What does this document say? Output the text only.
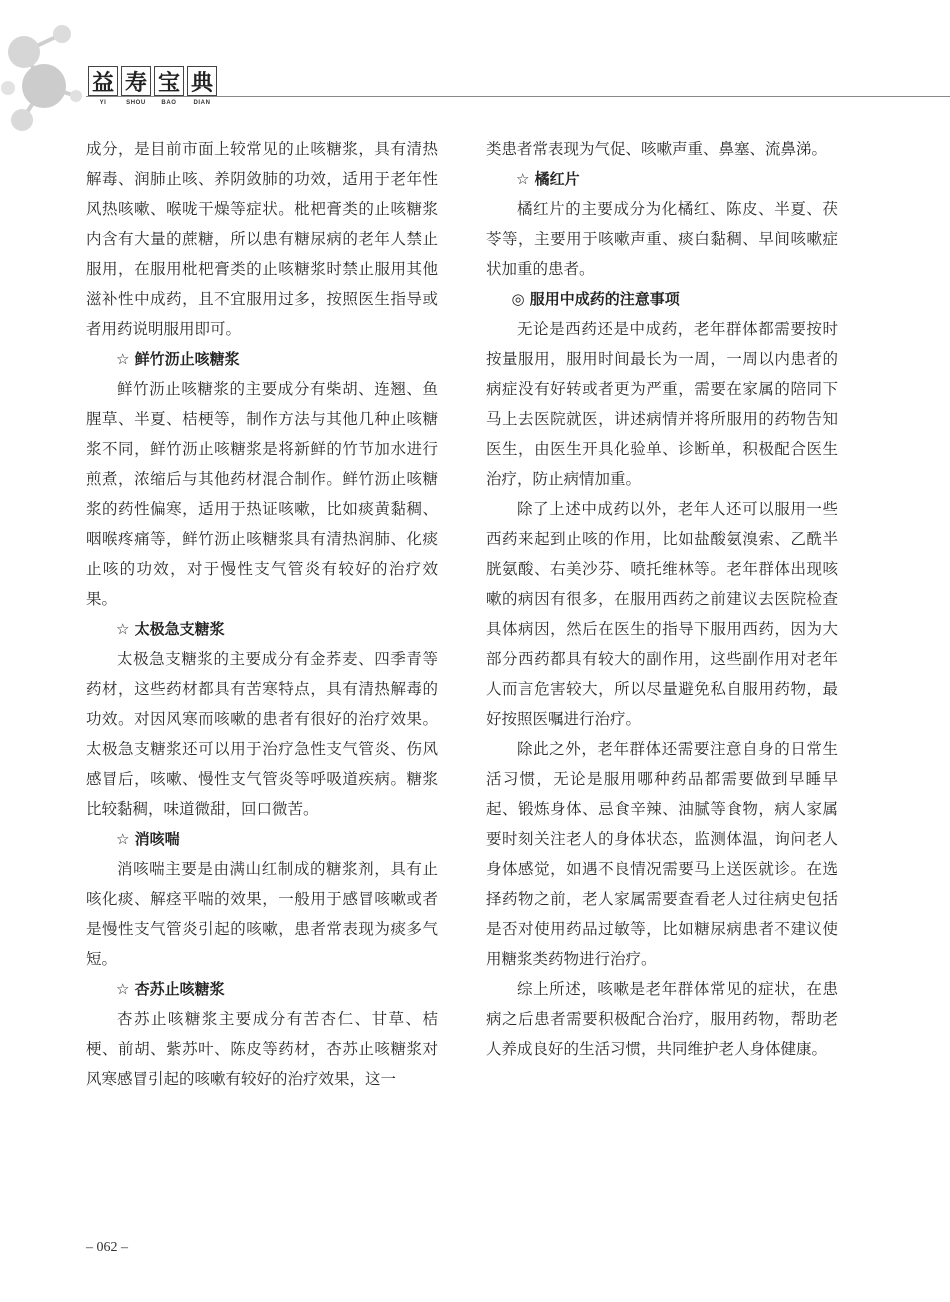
益 寿 宝 典
YI	SHOU	BAO	DIAN

成分，是目前市面上较常见的止咳糖浆，具有清热解毒、润肺止咳、养阴敛肺的功效，适用于老年性风热咳嗽、喉咙干燥等症状。枇杷膏类的止咳糖浆内含有大量的蔗糖，所以患有糖尿病的老年人禁止服用，在服用枇杷膏类的止咳糖浆时禁止服用其他滋补性中成药，且不宜服用过多，按照医生指导或者用药说明服用即可。

☆ 鲜竹沥止咳糖浆

鲜竹沥止咳糖浆的主要成分有柴胡、连翘、鱼腥草、半夏、桔梗等，制作方法与其他几种止咳糖浆不同，鲜竹沥止咳糖浆是将新鲜的竹节加水进行煎煮，浓缩后与其他药材混合制作。鲜竹沥止咳糖浆的药性偏寒，适用于热证咳嗽，比如痰黄黏稠、咽喉疼痛等，鲜竹沥止咳糖浆具有清热润肺、化痰止咳的功效，对于慢性支气管炎有较好的治疗效果。

☆ 太极急支糖浆

太极急支糖浆的主要成分有金荞麦、四季青等药材，这些药材都具有苦寒特点，具有清热解毒的功效。对因风寒而咳嗽的患者有很好的治疗效果。太极急支糖浆还可以用于治疗急性支气管炎、伤风感冒后，咳嗽、慢性支气管炎等呼吸道疾病。糖浆比较黏稠，味道微甜，回口微苦。

☆ 消咳喘

消咳喘主要是由满山红制成的糖浆剂，具有止咳化痰、解痉平喘的效果，一般用于感冒咳嗽或者是慢性支气管炎引起的咳嗽，患者常表现为痰多气短。

☆ 杏苏止咳糖浆

杏苏止咳糖浆主要成分有苦杏仁、甘草、桔梗、前胡、紫苏叶、陈皮等药材，杏苏止咳糖浆对风寒感冒引起的咳嗽有较好的治疗效果，这一

类患者常表现为气促、咳嗽声重、鼻塞、流鼻涕。

☆ 橘红片

橘红片的主要成分为化橘红、陈皮、半夏、茯苓等，主要用于咳嗽声重、痰白黏稠、早间咳嗽症状加重的患者。

◎ 服用中成药的注意事项

无论是西药还是中成药，老年群体都需要按时按量服用，服用时间最长为一周，一周以内患者的病症没有好转或者更为严重，需要在家属的陪同下马上去医院就医，讲述病情并将所服用的药物告知医生，由医生开具化验单、诊断单，积极配合医生治疗，防止病情加重。

除了上述中成药以外，老年人还可以服用一些西药来起到止咳的作用，比如盐酸氨溴索、乙酰半胱氨酸、右美沙芬、喷托维林等。老年群体出现咳嗽的病因有很多，在服用西药之前建议去医院检查具体病因，然后在医生的指导下服用西药，因为大部分西药都具有较大的副作用，这些副作用对老年人而言危害较大，所以尽量避免私自服用药物，最好按照医嘱进行治疗。

除此之外，老年群体还需要注意自身的日常生活习惯，无论是服用哪种药品都需要做到早睡早起、锻炼身体、忌食辛辣、油腻等食物，病人家属要时刻关注老人的身体状态，监测体温，询问老人身体感觉，如遇不良情况需要马上送医就诊。在选择药物之前，老人家属需要查看老人过往病史包括是否对使用药品过敏等，比如糖尿病患者不建议使用糖浆类药物进行治疗。

综上所述，咳嗽是老年群体常见的症状，在患病之后患者需要积极配合治疗，服用药物，帮助老人养成良好的生活习惯，共同维护老人身体健康。

– 062 –
